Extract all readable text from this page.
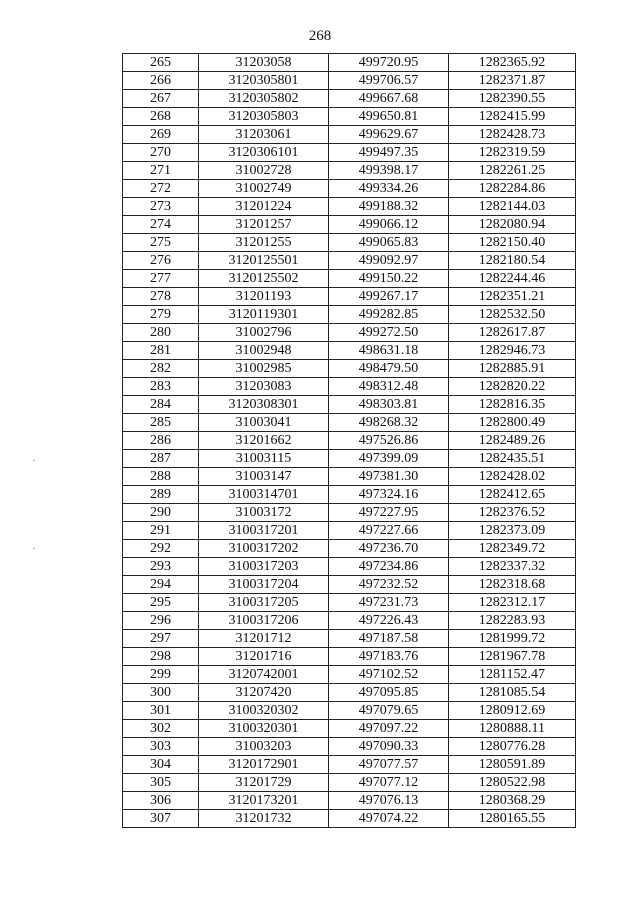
268
.
.
265	31203058	499720.95	1282365.92
266	3120305801	499706.57	1282371.87
267	3120305802	499667.68	1282390.55
268	3120305803	499650.81	1282415.99
269	31203061	499629.67	1282428.73
270	3120306101	499497.35	1282319.59
271	31002728	499398.17	1282261.25
272	31002749	499334.26	1282284.86
273	31201224	499188.32	1282144.03
274	31201257	499066.12	1282080.94
275	31201255	499065.83	1282150.40
276	3120125501	499092.97	1282180.54
277	3120125502	499150.22	1282244.46
278	31201193	499267.17	1282351.21
279	3120119301	499282.85	1282532.50
280	31002796	499272.50	1282617.87
281	31002948	498631.18	1282946.73
282	31002985	498479.50	1282885.91
283	31203083	498312.48	1282820.22
284	3120308301	498303.81	1282816.35
285	31003041	498268.32	1282800.49
286	31201662	497526.86	1282489.26
287	31003115	497399.09	1282435.51
288	31003147	497381.30	1282428.02
289	3100314701	497324.16	1282412.65
290	31003172	497227.95	1282376.52
291	3100317201	497227.66	1282373.09
292	3100317202	497236.70	1282349.72
293	3100317203	497234.86	1282337.32
294	3100317204	497232.52	1282318.68
295	3100317205	497231.73	1282312.17
296	3100317206	497226.43	1282283.93
297	31201712	497187.58	1281999.72
298	31201716	497183.76	1281967.78
299	3120742001	497102.52	1281152.47
300	31207420	497095.85	1281085.54
301	3100320302	497079.65	1280912.69
302	3100320301	497097.22	1280888.11
303	31003203	497090.33	1280776.28
304	3120172901	497077.57	1280591.89
305	31201729	497077.12	1280522.98
306	3120173201	497076.13	1280368.29
307	31201732	497074.22	1280165.55
